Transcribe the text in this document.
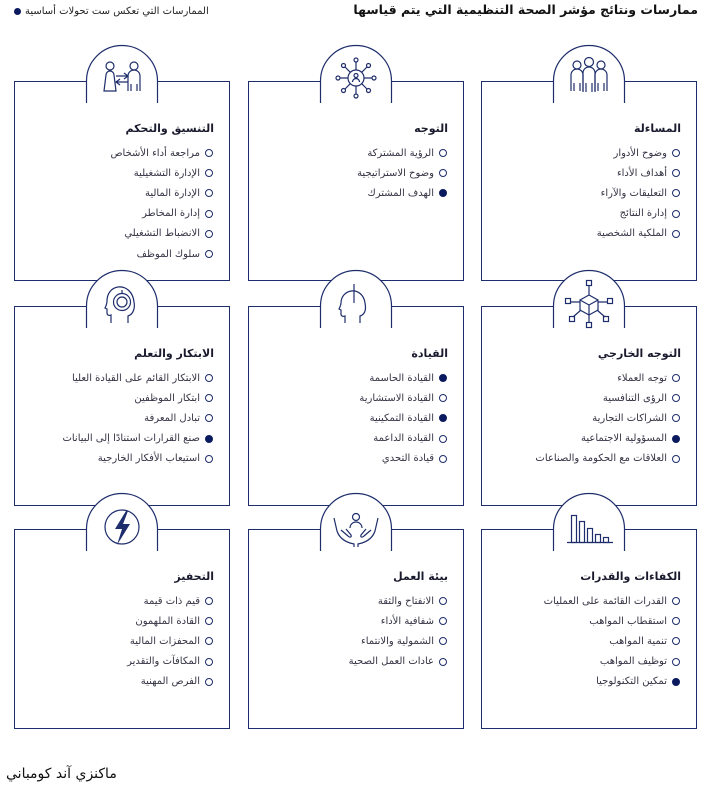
ممارسات ونتائج مؤشر الصحة التنظيمية التي يتم قياسها
الممارسات التي تعكس ست تحولات أساسية
المساءلة
وضوح الأدوار
أهداف الأداء
التعليقات والآراء
إدارة النتائج
الملكية الشخصية
التوجه
الرؤية المشتركة
وضوح الاستراتيجية
الهدف المشترك
التنسيق والتحكم
مراجعة أداء الأشخاص
الإدارة التشغيلية
الإدارة المالية
إدارة المخاطر
الانضباط التشغيلي
سلوك الموظف
التوجه الخارجي
توجه العملاء
الرؤى التنافسية
الشراكات التجارية
المسؤولية الاجتماعية
العلاقات مع الحكومة والصناعات
القيادة
القيادة الحاسمة
القيادة الاستشارية
القيادة التمكينية
القيادة الداعمة
قيادة التحدي
الابتكار والتعلم
الابتكار القائم على القيادة العليا
ابتكار الموظفين
تبادل المعرفة
صنع القرارات استنادًا إلى البيانات
استيعاب الأفكار الخارجية
الكفاءات والقدرات
القدرات القائمة على العمليات
استقطاب المواهب
تنمية المواهب
توظيف المواهب
تمكين التكنولوجيا
بيئة العمل
الانفتاح والثقة
شفافية الأداء
الشمولية والانتماء
عادات العمل الصحية
التحفيز
قيم ذات قيمة
القادة الملهمون
المحفزات المالية
المكافآت والتقدير
الفرص المهنية
ماكنزي آند كومباني
